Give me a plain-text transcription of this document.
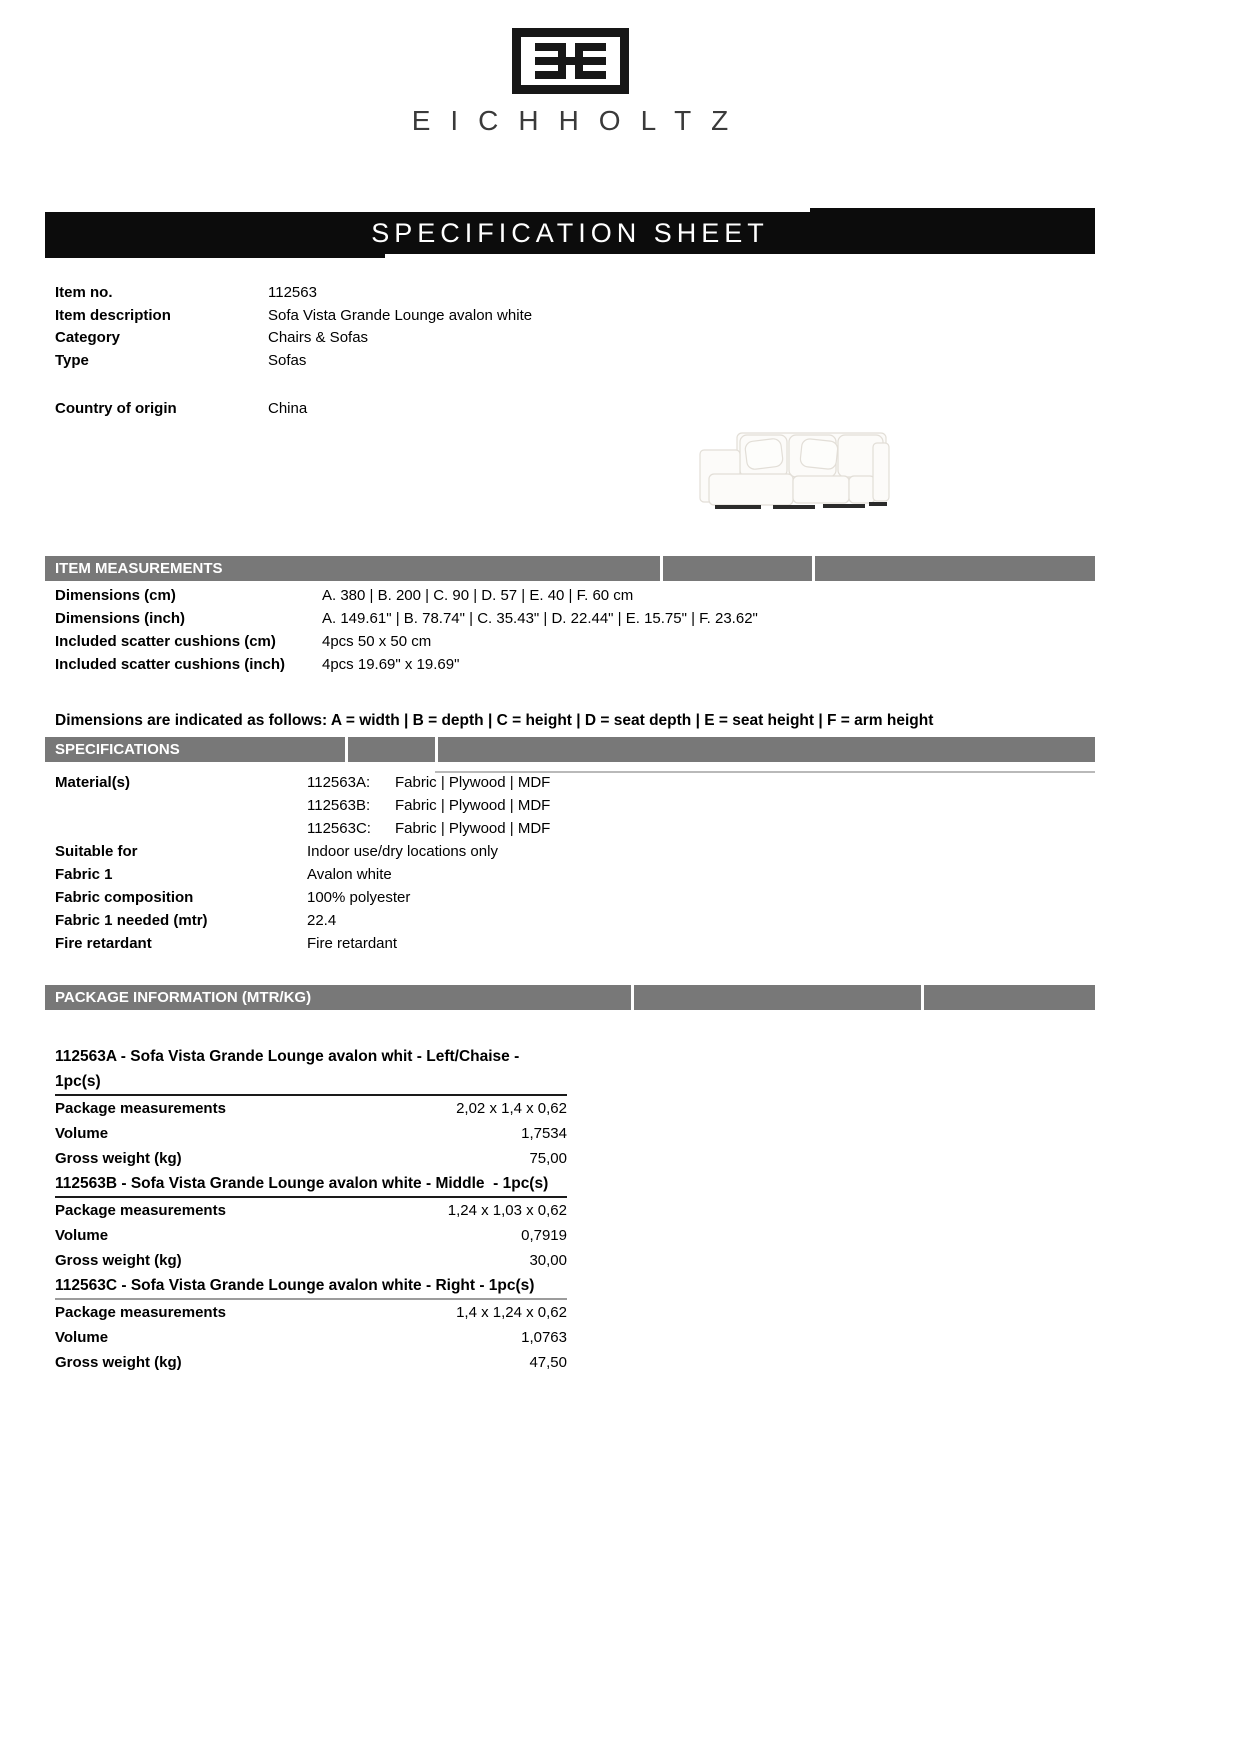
EICHHOLTZ
SPECIFICATION SHEET
Item no.	112563
Item description	Sofa Vista Grande Lounge avalon white
Category	Chairs & Sofas
Type	Sofas
Country of origin	China
ITEM MEASUREMENTS
Dimensions (cm)	A. 380 | B. 200 | C. 90 | D. 57 | E. 40 | F. 60 cm
Dimensions (inch)	A. 149.61" | B. 78.74" | C. 35.43" | D. 22.44" | E. 15.75" | F. 23.62"
Included scatter cushions (cm)	4pcs 50 x 50 cm
Included scatter cushions (inch)	4pcs 19.69" x 19.69"
Dimensions are indicated as follows: A = width | B = depth | C = height | D = seat depth | E = seat height | F = arm height
SPECIFICATIONS
Material(s)	112563A: Fabric | Plywood | MDF
112563B: Fabric | Plywood | MDF
112563C: Fabric | Plywood | MDF
Suitable for	Indoor use/dry locations only
Fabric 1	Avalon white
Fabric composition	100% polyester
Fabric 1 needed (mtr)	22.4
Fire retardant	Fire retardant
PACKAGE INFORMATION (MTR/KG)
112563A - Sofa Vista Grande Lounge avalon whit - Left/Chaise - 1pc(s)
Package measurements	2,02 x 1,4 x 0,62
Volume	1,7534
Gross weight (kg)	75,00
112563B - Sofa Vista Grande Lounge avalon white - Middle  - 1pc(s)
Package measurements	1,24 x 1,03 x 0,62
Volume	0,7919
Gross weight (kg)	30,00
112563C - Sofa Vista Grande Lounge avalon white - Right - 1pc(s)
Package measurements	1,4 x 1,24 x 0,62
Volume	1,0763
Gross weight (kg)	47,50
